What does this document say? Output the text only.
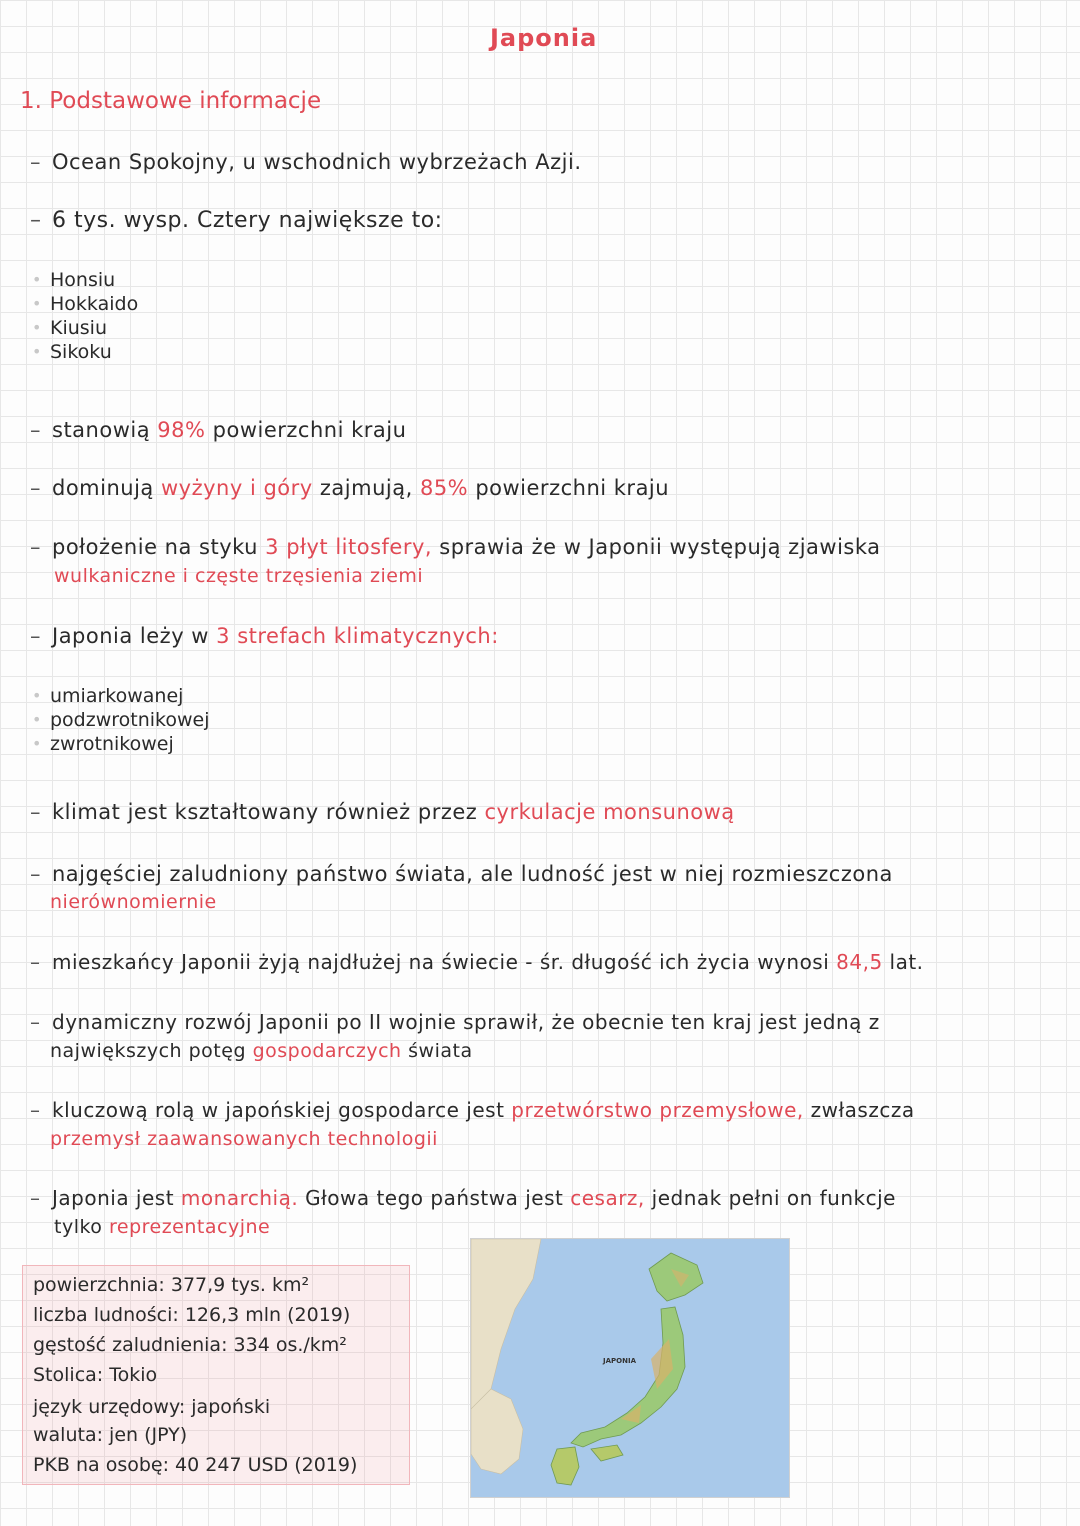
Japonia
1. Podstawowe informacje
– Ocean Spokojny, u wschodnich wybrzeżach Azji.
– 6 tys. wysp. Cztery największe to:
• Honsiu
• Hokkaido
• Kiusiu
• Sikoku
– stanowią 98% powierzchni kraju
– dominują wyżyny i góry zajmują, 85% powierzchni kraju
– położenie na styku 3 płyt litosfery, sprawia że w Japonii występują zjawiska
wulkaniczne i częste trzęsienia ziemi
– Japonia leży w 3 strefach klimatycznych:
• umiarkowanej
• podzwrotnikowej
• zwrotnikowej
– klimat jest kształtowany również przez cyrkulacje monsunową
– najgęściej zaludniony państwo świata, ale ludność jest w niej rozmieszczona
nierównomiernie
– mieszkańcy Japonii żyją najdłużej na świecie - śr. długość ich życia wynosi 84,5 lat.
– dynamiczny rozwój Japonii po II wojnie sprawił, że obecnie ten kraj jest jedną z
największych potęg gospodarczych świata
– kluczową rolą w japońskiej gospodarce jest przetwórstwo przemysłowe, zwłaszcza
przemysł zaawansowanych technologii
– Japonia jest monarchią. Głowa tego państwa jest cesarz, jednak pełni on funkcje
tylko reprezentacyjne
powierzchnia: 377,9 tys. km²
liczba ludności: 126,3 mln (2019)
gęstość zaludnienia: 334 os./km²
Stolica: Tokio
język urzędowy: japoński
waluta: jen (JPY)
PKB na osobę: 40 247 USD (2019)
JAPONIA
